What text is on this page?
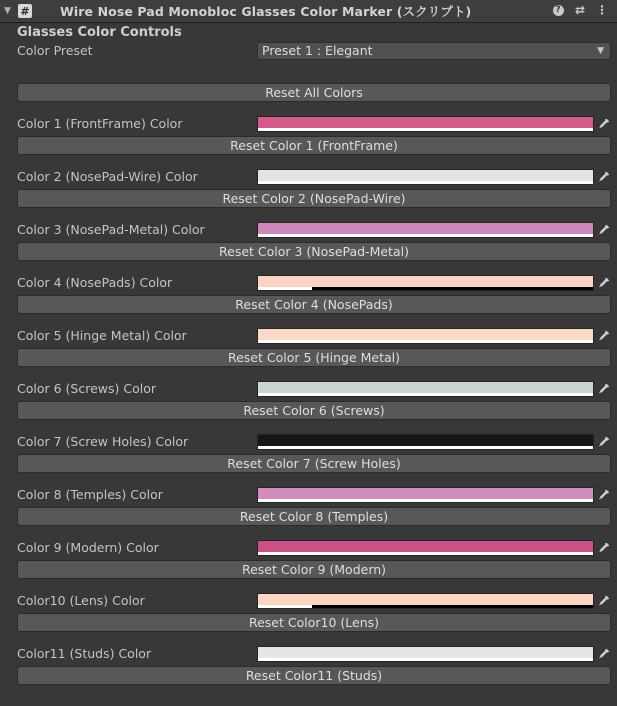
▼ # Wire Nose Pad Monobloc Glasses Color Marker (スクリプト)	? ⇄ ⋮
Glasses Color Controls
Color Preset	Preset 1 : Elegant	▼
Reset All Colors
Color 1 (FrontFrame) Color
Reset Color 1 (FrontFrame)
Color 2 (NosePad-Wire) Color
Reset Color 2 (NosePad-Wire)
Color 3 (NosePad-Metal) Color
Reset Color 3 (NosePad-Metal)
Color 4 (NosePads) Color
Reset Color 4 (NosePads)
Color 5 (Hinge Metal) Color
Reset Color 5 (Hinge Metal)
Color 6 (Screws) Color
Reset Color 6 (Screws)
Color 7 (Screw Holes) Color
Reset Color 7 (Screw Holes)
Color 8 (Temples) Color
Reset Color 8 (Temples)
Color 9 (Modern) Color
Reset Color 9 (Modern)
Color10 (Lens) Color
Reset Color10 (Lens)
Color11 (Studs) Color
Reset Color11 (Studs)
